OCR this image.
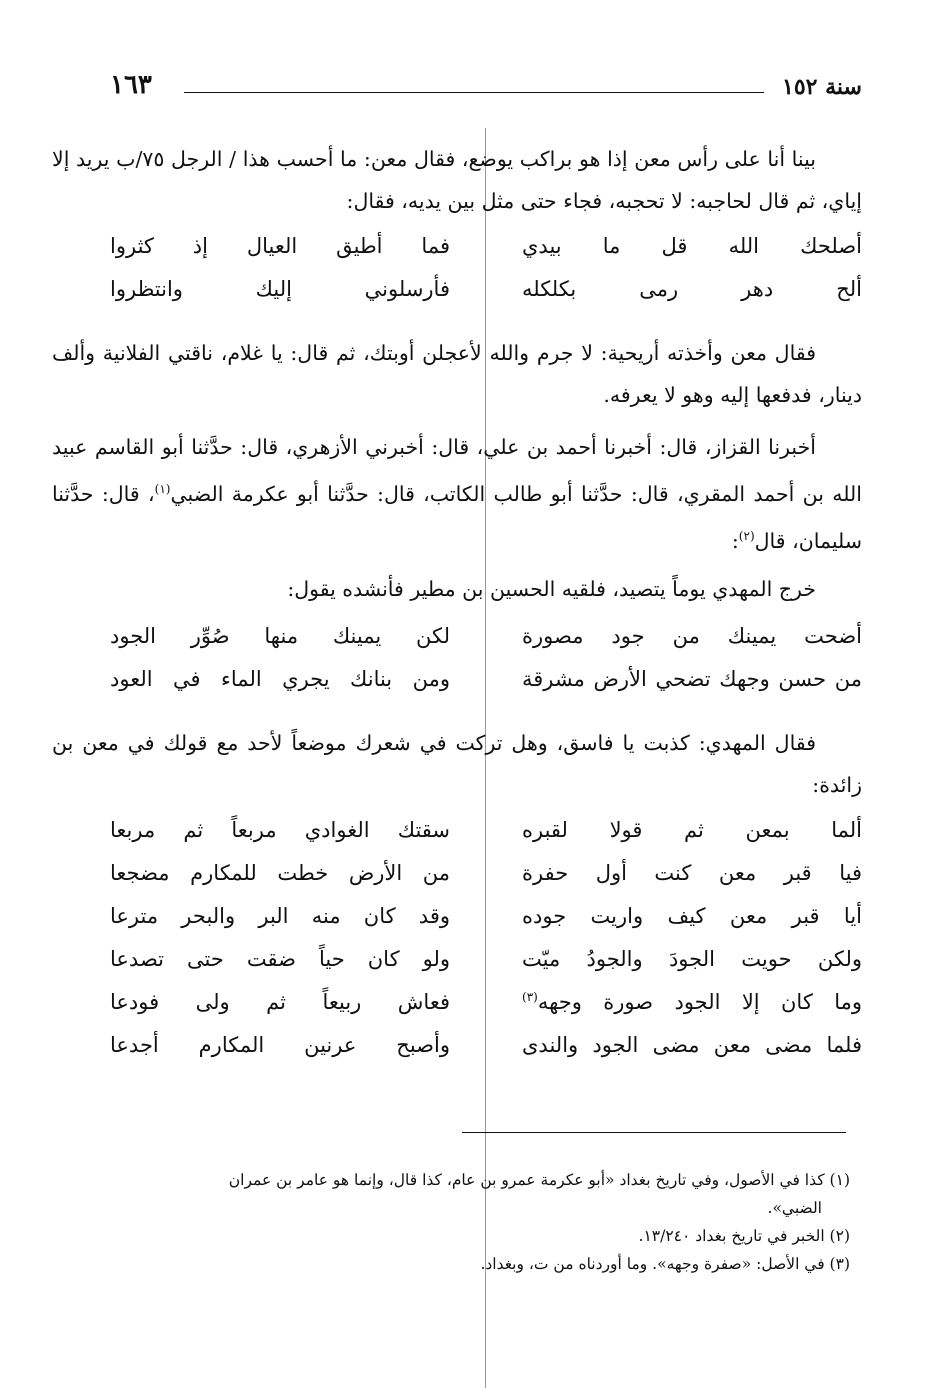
سنة ١٥٢
١٦٣
بينا أنا على رأس معن إذا هو براكب يوضع، فقال معن: ما أحسب هذا / الرجل ٧٥/ب يريد إلا إياي، ثم قال لحاجبه: لا تحجبه، فجاء حتى مثل بين يديه، فقال:
أصلحك الله قل ما بيدي
فما أطيق العيال إذ كثروا
ألح دهر رمى بكلكله
فأرسلوني إليك وانتظروا
فقال معن وأخذته أريحية: لا جرم والله لأعجلن أوبتك، ثم قال: يا غلام، ناقتي الفلانية وألف دينار، فدفعها إليه وهو لا يعرفه.
أخبرنا القزاز، قال: أخبرنا أحمد بن علي، قال: أخبرني الأزهري، قال: حدَّثنا أبو القاسم عبيد الله بن أحمد المقري، قال: حدَّثنا أبو طالب الكاتب، قال: حدَّثنا أبو عكرمة الضبي$^{(١)}$، قال: حدَّثنا سليمان، قال$^{(٢)}$:
خرج المهدي يوماً يتصيد، فلقيه الحسين بن مطير فأنشده يقول:
أضحت يمينك من جود مصورة
لكن يمينك منها صُوِّر الجود
من حسن وجهك تضحي الأرض مشرقة
ومن بنانك يجري الماء في العود
فقال المهدي: كذبت يا فاسق، وهل تركت في شعرك موضعاً لأحد مع قولك في معن بن زائدة:
ألما بمعن ثم قولا لقبره
سقتك الغوادي مربعاً ثم مربعا
فيا قبر معن كنت أول حفرة
من الأرض خطت للمكارم مضجعا
أيا قبر معن كيف واريت جوده
وقد كان منه البر والبحر مترعا
ولكن حويت الجودَ والجودُ ميّت
ولو كان حياً ضقت حتى تصدعا
وما كان إلا الجود صورة وجهه$^{(٣)}$
فعاش ربيعاً ثم ولى فودعا
فلما مضى معن مضى الجود والندى
وأصبح عرنين المكارم أجدعا

(١) كذا في الأصول، وفي تاريخ بغداد «أبو عكرمة عمرو بن عام، كذا قال، وإنما هو عامر بن عمران

الضبي».

(٢) الخبر في تاريخ بغداد ١٣/٢٤٠.

(٣) في الأصل: «صفرة وجهه». وما أوردناه من ت، وبغداد.
